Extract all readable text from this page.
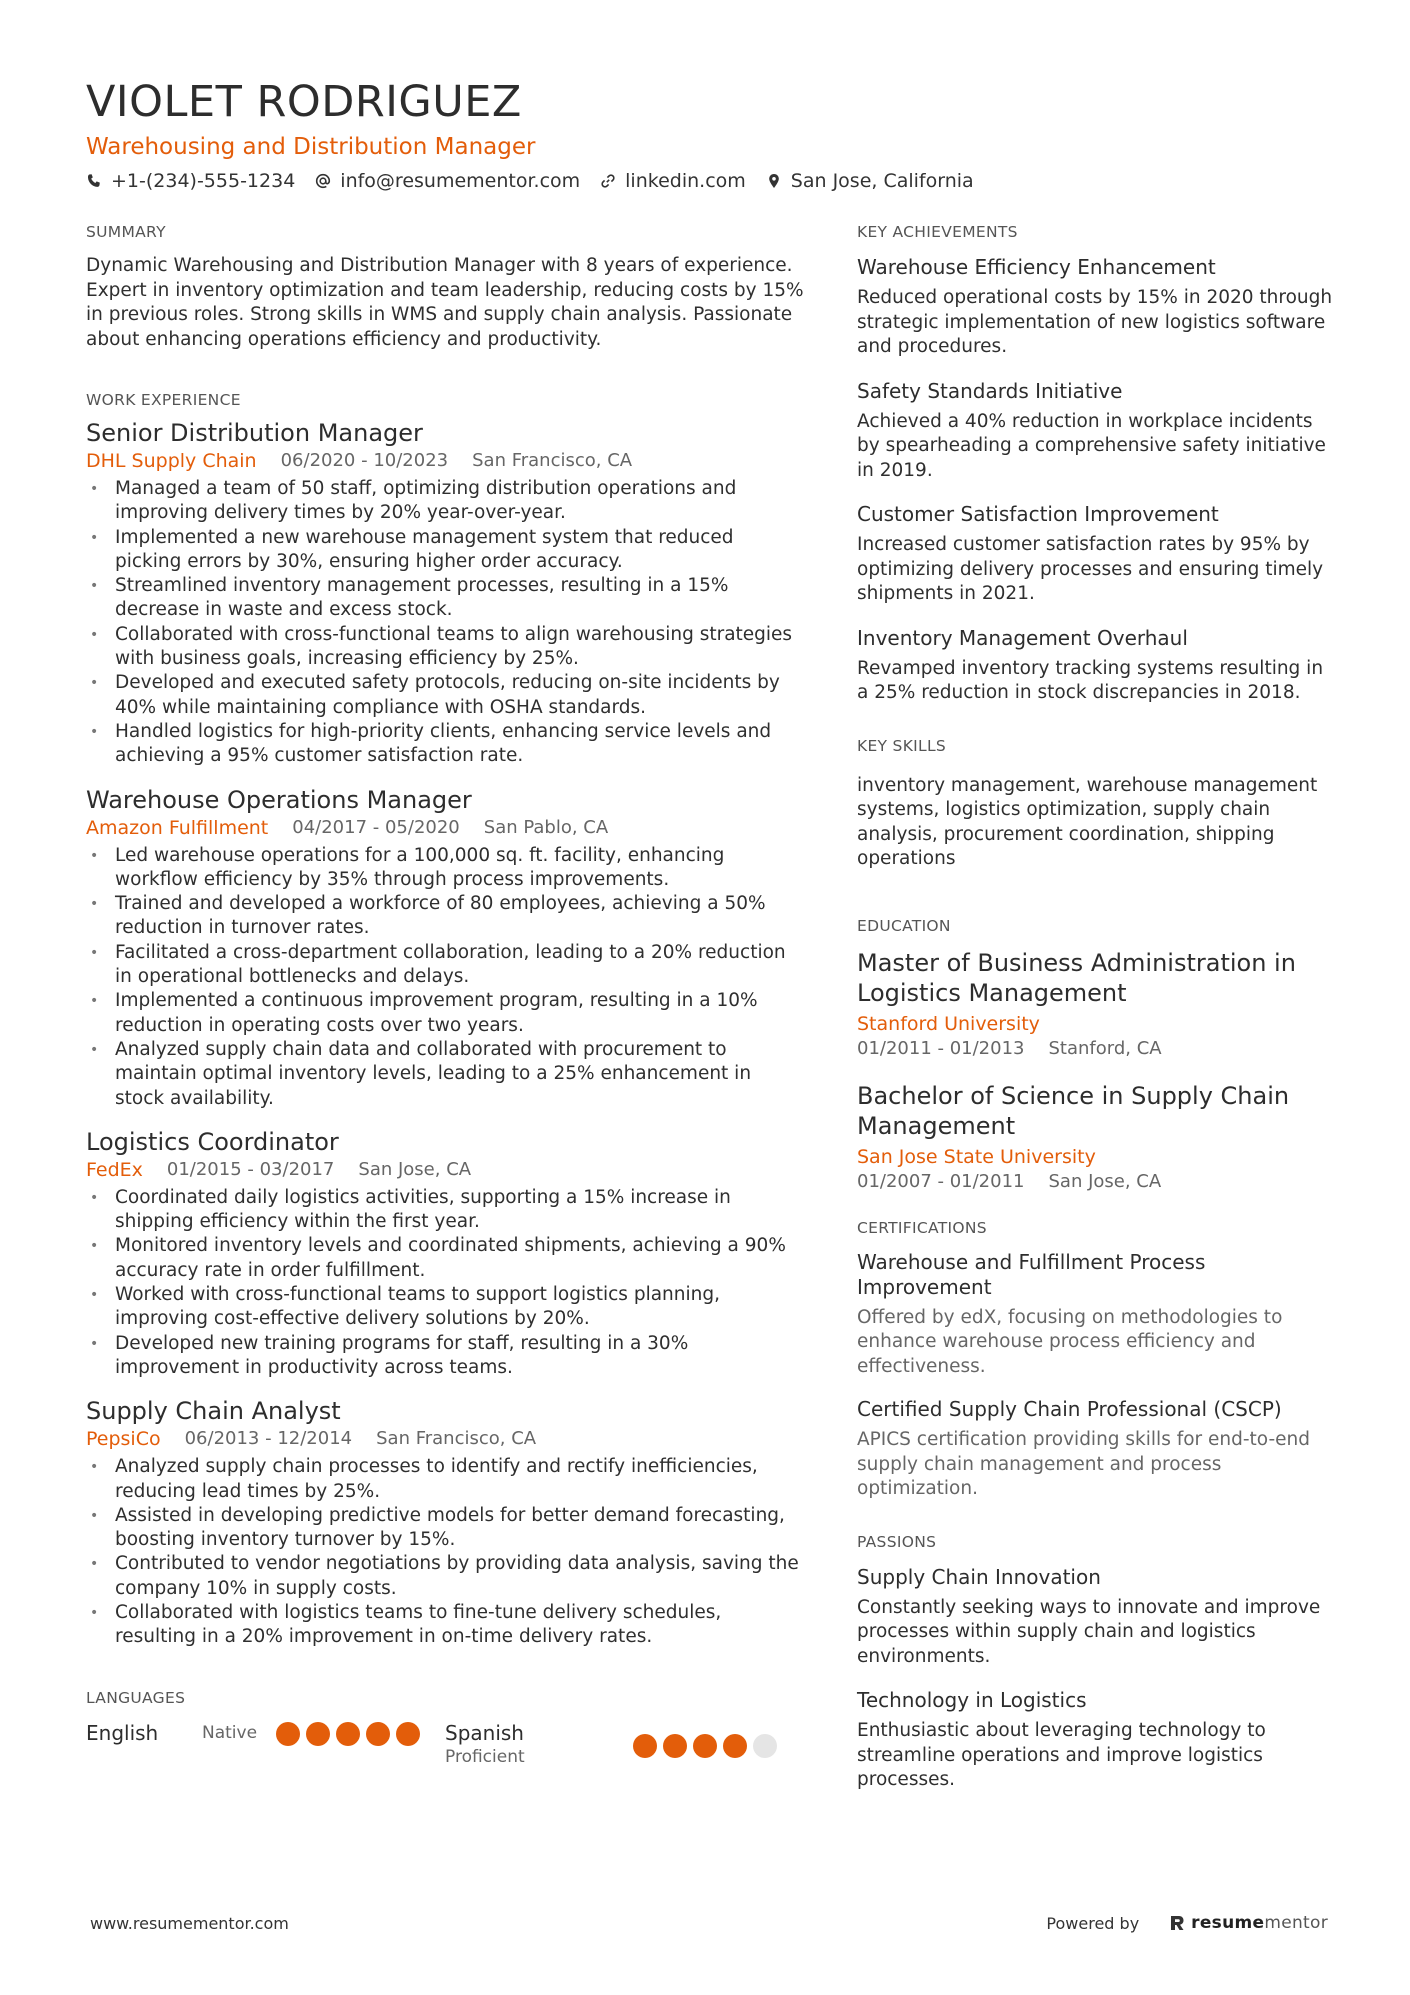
VIOLET RODRIGUEZ
Warehousing and Distribution Manager
+1-(234)-555-1234 info@resumementor.com linkedin.com San Jose, California
SUMMARY
Dynamic Warehousing and Distribution Manager with 8 years of experience. Expert in inventory optimization and team leadership, reducing costs by 15% in previous roles. Strong skills in WMS and supply chain analysis. Passionate about enhancing operations efficiency and productivity.
WORK EXPERIENCE
Senior Distribution Manager
DHL Supply Chain 06/2020 - 10/2023 San Francisco, CA
• Managed a team of 50 staff, optimizing distribution operations and improving delivery times by 20% year-over-year.
• Implemented a new warehouse management system that reduced picking errors by 30%, ensuring higher order accuracy.
• Streamlined inventory management processes, resulting in a 15% decrease in waste and excess stock.
• Collaborated with cross-functional teams to align warehousing strategies with business goals, increasing efficiency by 25%.
• Developed and executed safety protocols, reducing on-site incidents by 40% while maintaining compliance with OSHA standards.
• Handled logistics for high-priority clients, enhancing service levels and achieving a 95% customer satisfaction rate.
Warehouse Operations Manager
Amazon Fulfillment 04/2017 - 05/2020 San Pablo, CA
• Led warehouse operations for a 100,000 sq. ft. facility, enhancing workflow efficiency by 35% through process improvements.
• Trained and developed a workforce of 80 employees, achieving a 50% reduction in turnover rates.
• Facilitated a cross-department collaboration, leading to a 20% reduction in operational bottlenecks and delays.
• Implemented a continuous improvement program, resulting in a 10% reduction in operating costs over two years.
• Analyzed supply chain data and collaborated with procurement to maintain optimal inventory levels, leading to a 25% enhancement in stock availability.
Logistics Coordinator
FedEx 01/2015 - 03/2017 San Jose, CA
• Coordinated daily logistics activities, supporting a 15% increase in shipping efficiency within the first year.
• Monitored inventory levels and coordinated shipments, achieving a 90% accuracy rate in order fulfillment.
• Worked with cross-functional teams to support logistics planning, improving cost-effective delivery solutions by 20%.
• Developed new training programs for staff, resulting in a 30% improvement in productivity across teams.
Supply Chain Analyst
PepsiCo 06/2013 - 12/2014 San Francisco, CA
• Analyzed supply chain processes to identify and rectify inefficiencies, reducing lead times by 25%.
• Assisted in developing predictive models for better demand forecasting, boosting inventory turnover by 15%.
• Contributed to vendor negotiations by providing data analysis, saving the company 10% in supply costs.
• Collaborated with logistics teams to fine-tune delivery schedules, resulting in a 20% improvement in on-time delivery rates.
LANGUAGES
English	Native	Spanish
Proficient
KEY ACHIEVEMENTS
Warehouse Efficiency Enhancement
Reduced operational costs by 15% in 2020 through strategic implementation of new logistics software and procedures.
Safety Standards Initiative
Achieved a 40% reduction in workplace incidents by spearheading a comprehensive safety initiative in 2019.
Customer Satisfaction Improvement
Increased customer satisfaction rates by 95% by optimizing delivery processes and ensuring timely shipments in 2021.
Inventory Management Overhaul
Revamped inventory tracking systems resulting in a 25% reduction in stock discrepancies in 2018.
KEY SKILLS
inventory management, warehouse management systems, logistics optimization, supply chain analysis, procurement coordination, shipping operations
EDUCATION
Master of Business Administration in Logistics Management
Stanford University
01/2011 - 01/2013 Stanford, CA
Bachelor of Science in Supply Chain Management
San Jose State University
01/2007 - 01/2011 San Jose, CA
CERTIFICATIONS
Warehouse and Fulfillment Process Improvement
Offered by edX, focusing on methodologies to enhance warehouse process efficiency and effectiveness.
Certified Supply Chain Professional (CSCP)
APICS certification providing skills for end-to-end supply chain management and process optimization.
PASSIONS
Supply Chain Innovation
Constantly seeking ways to innovate and improve processes within supply chain and logistics environments.
Technology in Logistics
Enthusiastic about leveraging technology to streamline operations and improve logistics processes.
www.resumementor.com	Powered by	resume mentor
